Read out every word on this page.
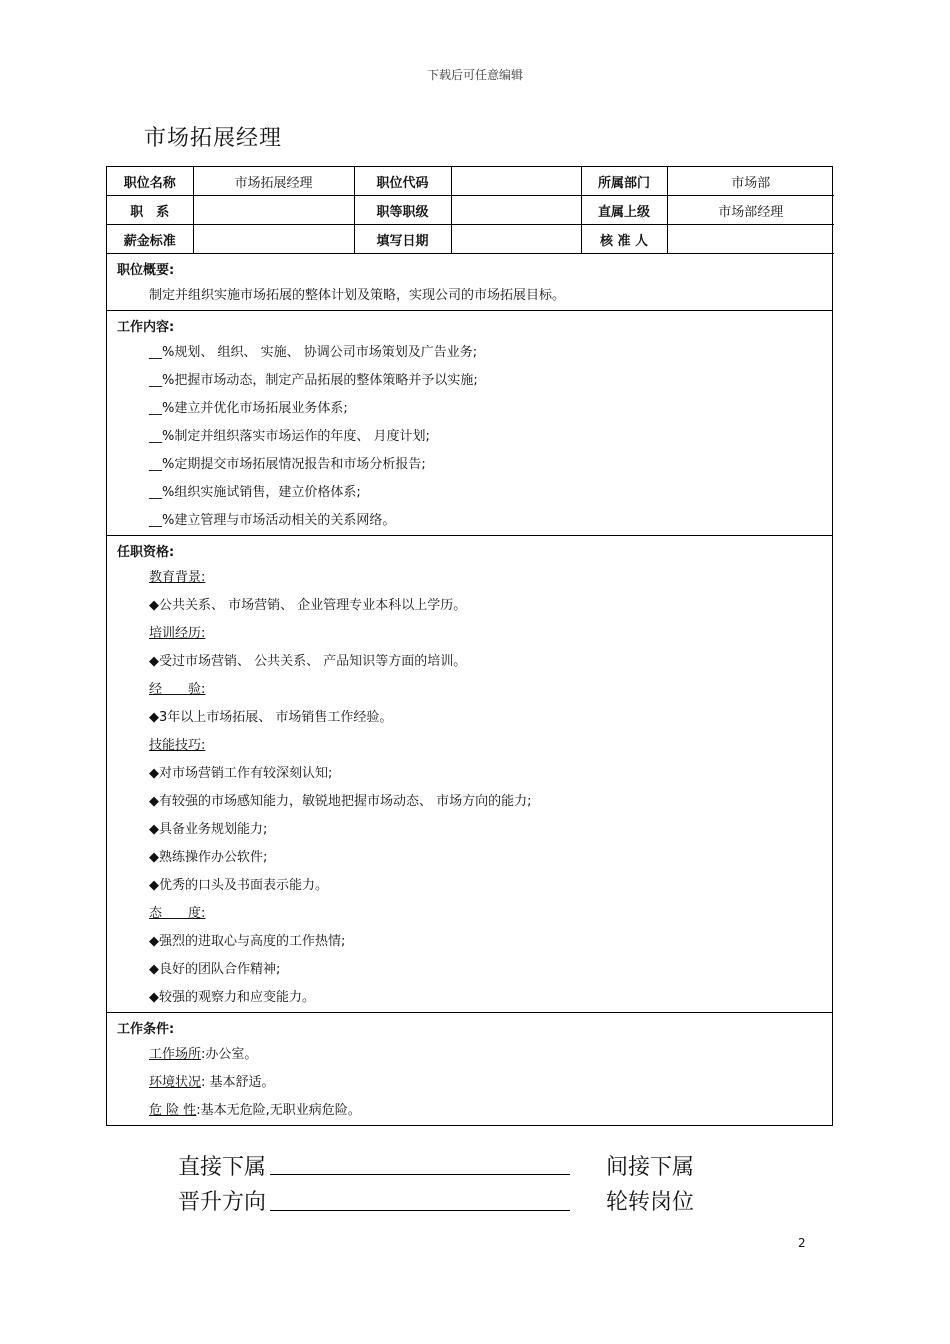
下载后可任意编辑
市场拓展经理
职位名称	市场拓展经理	职位代码		所属部门	市场部
职　系		职等职级		直属上级	市场部经理
薪金标准		填写日期		核 准 人	
职位概要:
制定并组织实施市场拓展的整体计划及策略，实现公司的市场拓展目标。
工作内容:
__%规划、 组织、 实施、 协调公司市场策划及广告业务;
__%把握市场动态，制定产品拓展的整体策略并予以实施;
__%建立并优化市场拓展业务体系;
__%制定并组织落实市场运作的年度、 月度计划;
__%定期提交市场拓展情况报告和市场分析报告;
__%组织实施试销售，建立价格体系;
__%建立管理与市场活动相关的关系网络。
任职资格:
教育背景:
◆公共关系、 市场营销、 企业管理专业本科以上学历。
培训经历:
◆受过市场营销、 公共关系、 产品知识等方面的培训。
经　　验:
◆3年以上市场拓展、 市场销售工作经验。
技能技巧:
◆对市场营销工作有较深刻认知;
◆有较强的市场感知能力，敏锐地把握市场动态、 市场方向的能力;
◆具备业务规划能力;
◆熟练操作办公软件;
◆优秀的口头及书面表示能力。
态　　度:
◆强烈的进取心与高度的工作热情;
◆良好的团队合作精神;
◆较强的观察力和应变能力。
工作条件:
工作场所:办公室。
环境状况: 基本舒适。
危 险 性:基本无危险,无职业病危险。
直接下属	间接下属
晋升方向	轮转岗位
2
